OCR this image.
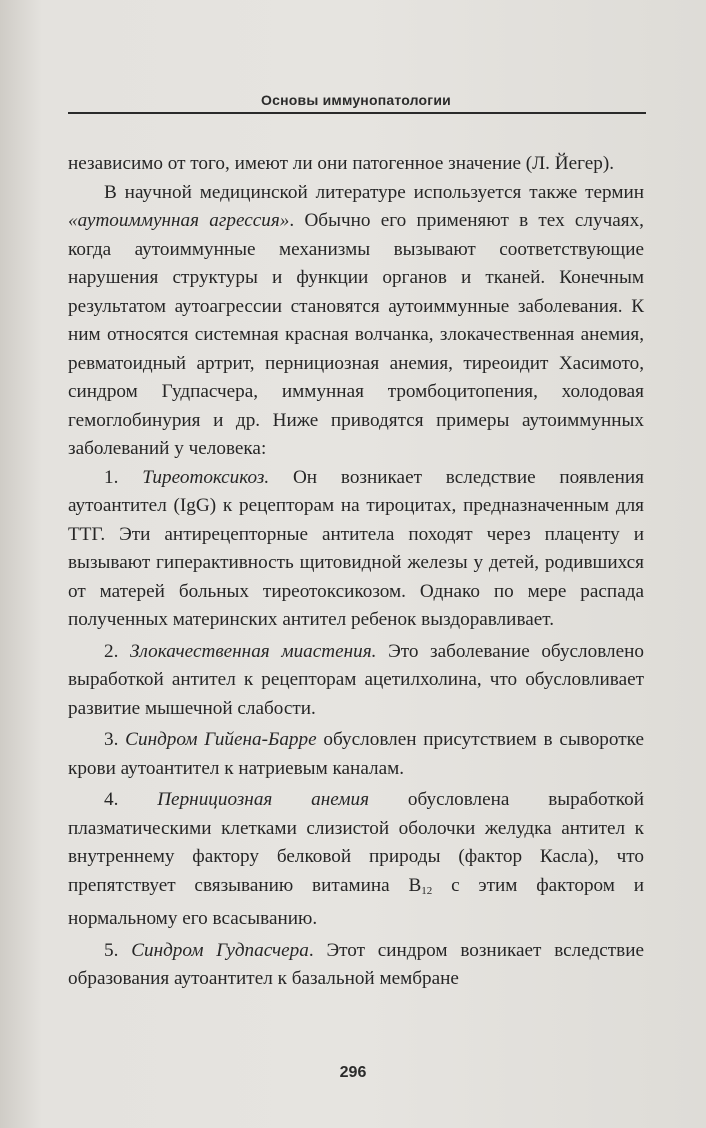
Основы иммунопатологии

независимо от того, имеют ли они патогенное значение (Л. Йегер).

В научной медицинской литературе используется также термин «аутоиммунная агрессия». Обычно его применяют в тех случаях, когда аутоиммунные механизмы вызывают соответствующие нарушения структуры и функции органов и тканей. Конечным результатом аутоагрессии становятся аутоиммунные заболевания. К ним относятся системная красная волчанка, злокачественная анемия, ревматоидный артрит, пернициозная анемия, тиреоидит Хасимото, синдром Гудпасчера, иммунная тромбоцитопения, холодовая гемоглобинурия и др. Ниже приводятся примеры аутоиммунных заболеваний у человека:

1. Тиреотоксикоз. Он возникает вследствие появления аутоантител (IgG) к рецепторам на тироцитах, предназначенным для ТТГ. Эти антирецепторные антитела походят через плаценту и вызывают гиперактивность щитовидной железы у детей, родившихся от матерей больных тиреотоксикозом. Однако по мере распада полученных материнских антител ребенок выздоравливает.

2. Злокачественная миастения. Это заболевание обусловлено выработкой антител к рецепторам ацетилхолина, что обусловливает развитие мышечной слабости.

3. Синдром Гийена-Барре обусловлен присутствием в сыворотке крови аутоантител к натриевым каналам.

4. Пернициозная анемия обусловлена выработкой плазматическими клетками слизистой оболочки желудка антител к внутреннему фактору белковой природы (фактор Касла), что препятствует связыванию витамина $B_{12}$ с этим фактором и нормальному его всасыванию.

5. Синдром Гудпасчера. Этот синдром возникает вследствие образования аутоантител к базальной мембране

296
